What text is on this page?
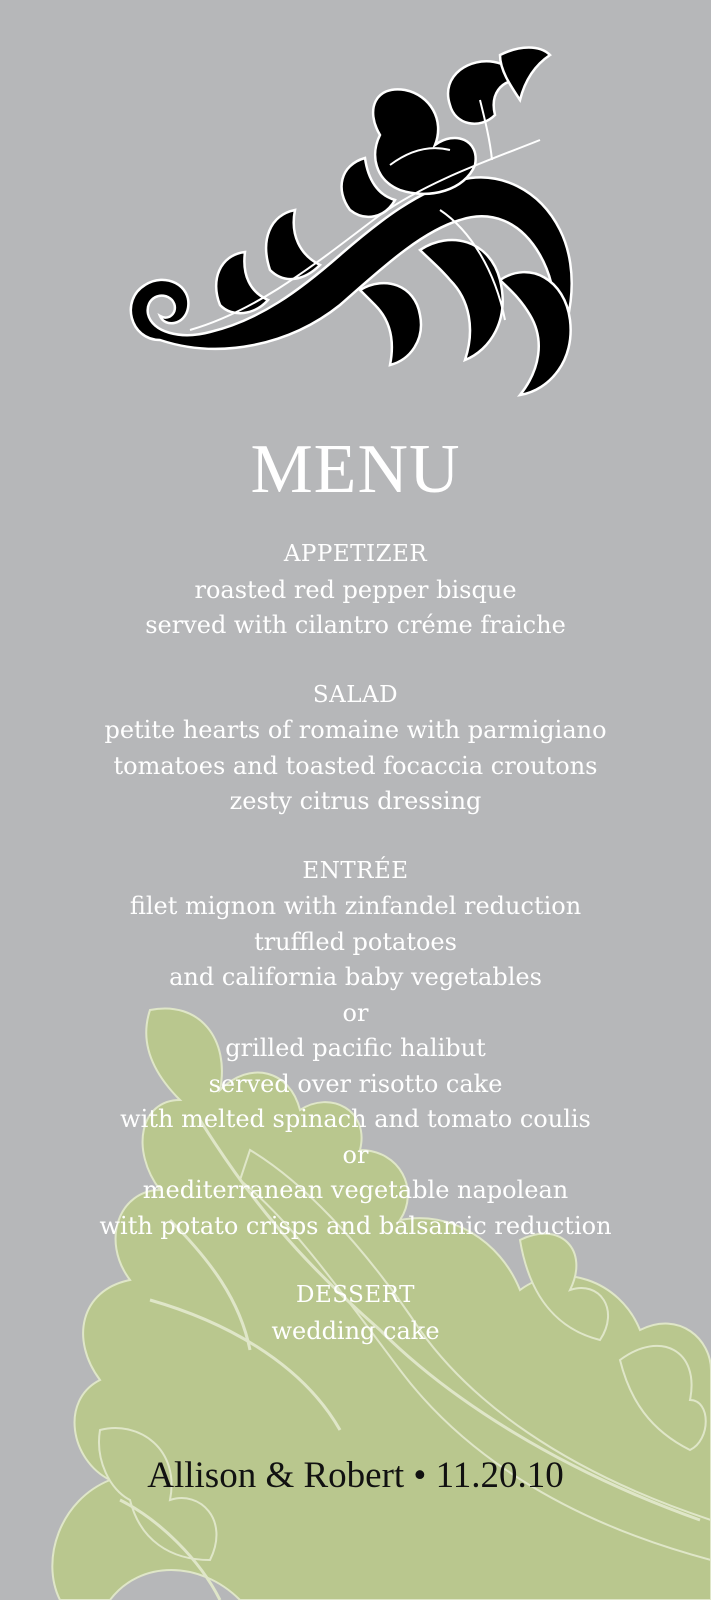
MENU
APPETIZER
roasted red pepper bisque
served with cilantro créme fraiche
SALAD
petite hearts of romaine with parmigiano
tomatoes and toasted focaccia croutons
zesty citrus dressing
ENTRÉE
filet mignon with zinfandel reduction
truffled potatoes
and california baby vegetables
or
grilled pacific halibut
served over risotto cake
with melted spinach and tomato coulis
or
mediterranean vegetable napolean
with potato crisps and balsamic reduction
DESSERT
wedding cake
Allison & Robert • 11.20.10
